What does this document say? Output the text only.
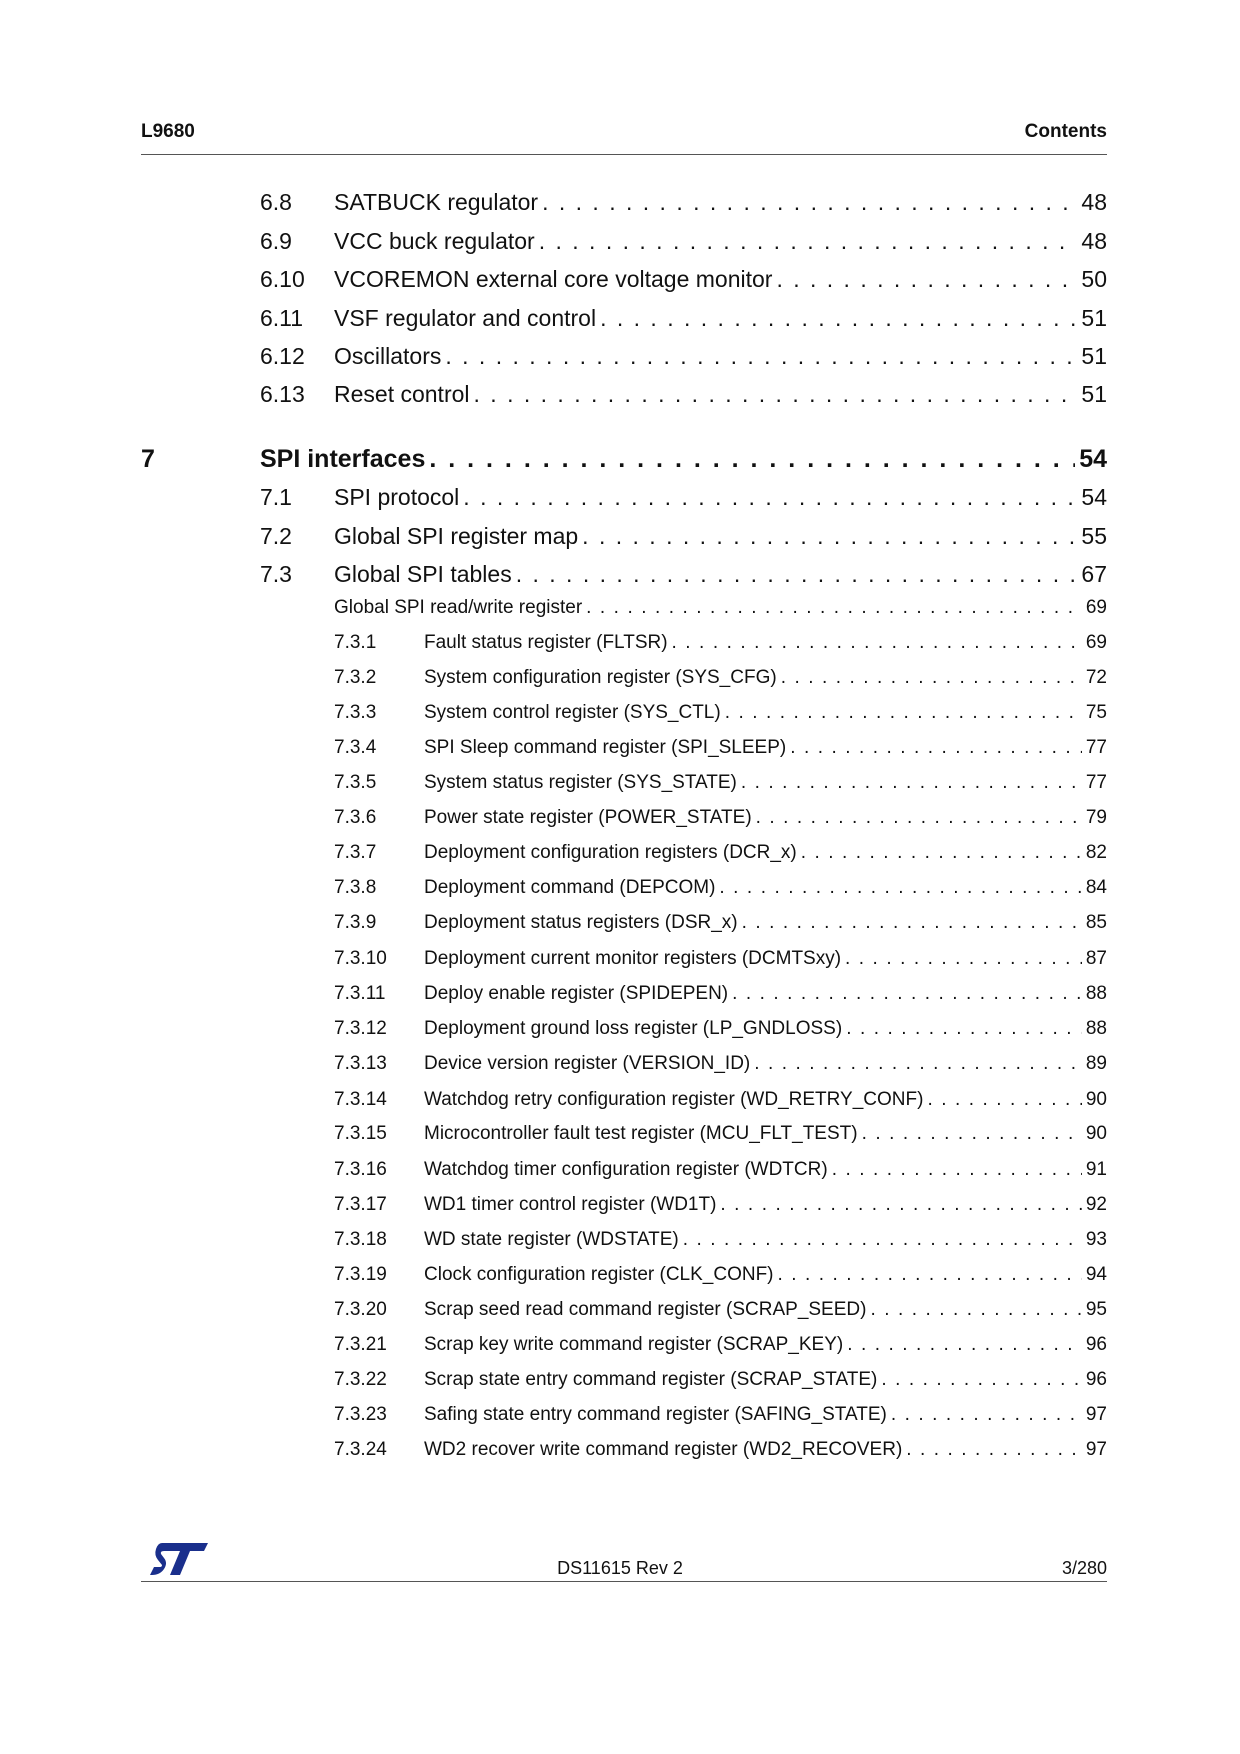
L9680	Contents
6.8 SATBUCK regulator . . .	48
6.9 VCC buck regulator . . .	48
6.10 VCOREMON external core voltage monitor . . .	50
6.11 VSF regulator and control . . .	51
6.12 Oscillators . . .	51
6.13 Reset control . . .	51
7	SPI interfaces . . .	54
7.1 SPI protocol . . .	54
7.2 Global SPI register map . . .	55
7.3 Global SPI tables . . .	67
Global SPI read/write register . . .	69
7.3.1	Fault status register (FLTSR) . . .	69
7.3.2	System configuration register (SYS_CFG) . . .	72
7.3.3	System control register (SYS_CTL) . . .	75
7.3.4	SPI Sleep command register (SPI_SLEEP) . . .	77
7.3.5	System status register (SYS_STATE) . . .	77
7.3.6	Power state register (POWER_STATE) . . .	79
7.3.7	Deployment configuration registers (DCR_x) . . .	82
7.3.8	Deployment command (DEPCOM) . . .	84
7.3.9	Deployment status registers (DSR_x) . . .	85
7.3.10 Deployment current monitor registers (DCMTSxy) . . .	87
7.3.11 Deploy enable register (SPIDEPEN) . . .	88
7.3.12 Deployment ground loss register (LP_GNDLOSS) . . .	88
7.3.13 Device version register (VERSION_ID) . . .	89
7.3.14 Watchdog retry configuration register (WD_RETRY_CONF) . . .	90
7.3.15 Microcontroller fault test register (MCU_FLT_TEST) . . .	90
7.3.16 Watchdog timer configuration register (WDTCR) . . .	91
7.3.17 WD1 timer control register (WD1T) . . .	92
7.3.18 WD state register (WDSTATE) . . .	93
7.3.19 Clock configuration register (CLK_CONF) . . .	94
7.3.20 Scrap seed read command register (SCRAP_SEED) . . .	95
7.3.21 Scrap key write command register (SCRAP_KEY) . . .	96
7.3.22 Scrap state entry command register (SCRAP_STATE) . . .	96
7.3.23 Safing state entry command register (SAFING_STATE) . . .	97
7.3.24 WD2 recover write command register (WD2_RECOVER) . . .	97
DS11615 Rev 2	3/280
